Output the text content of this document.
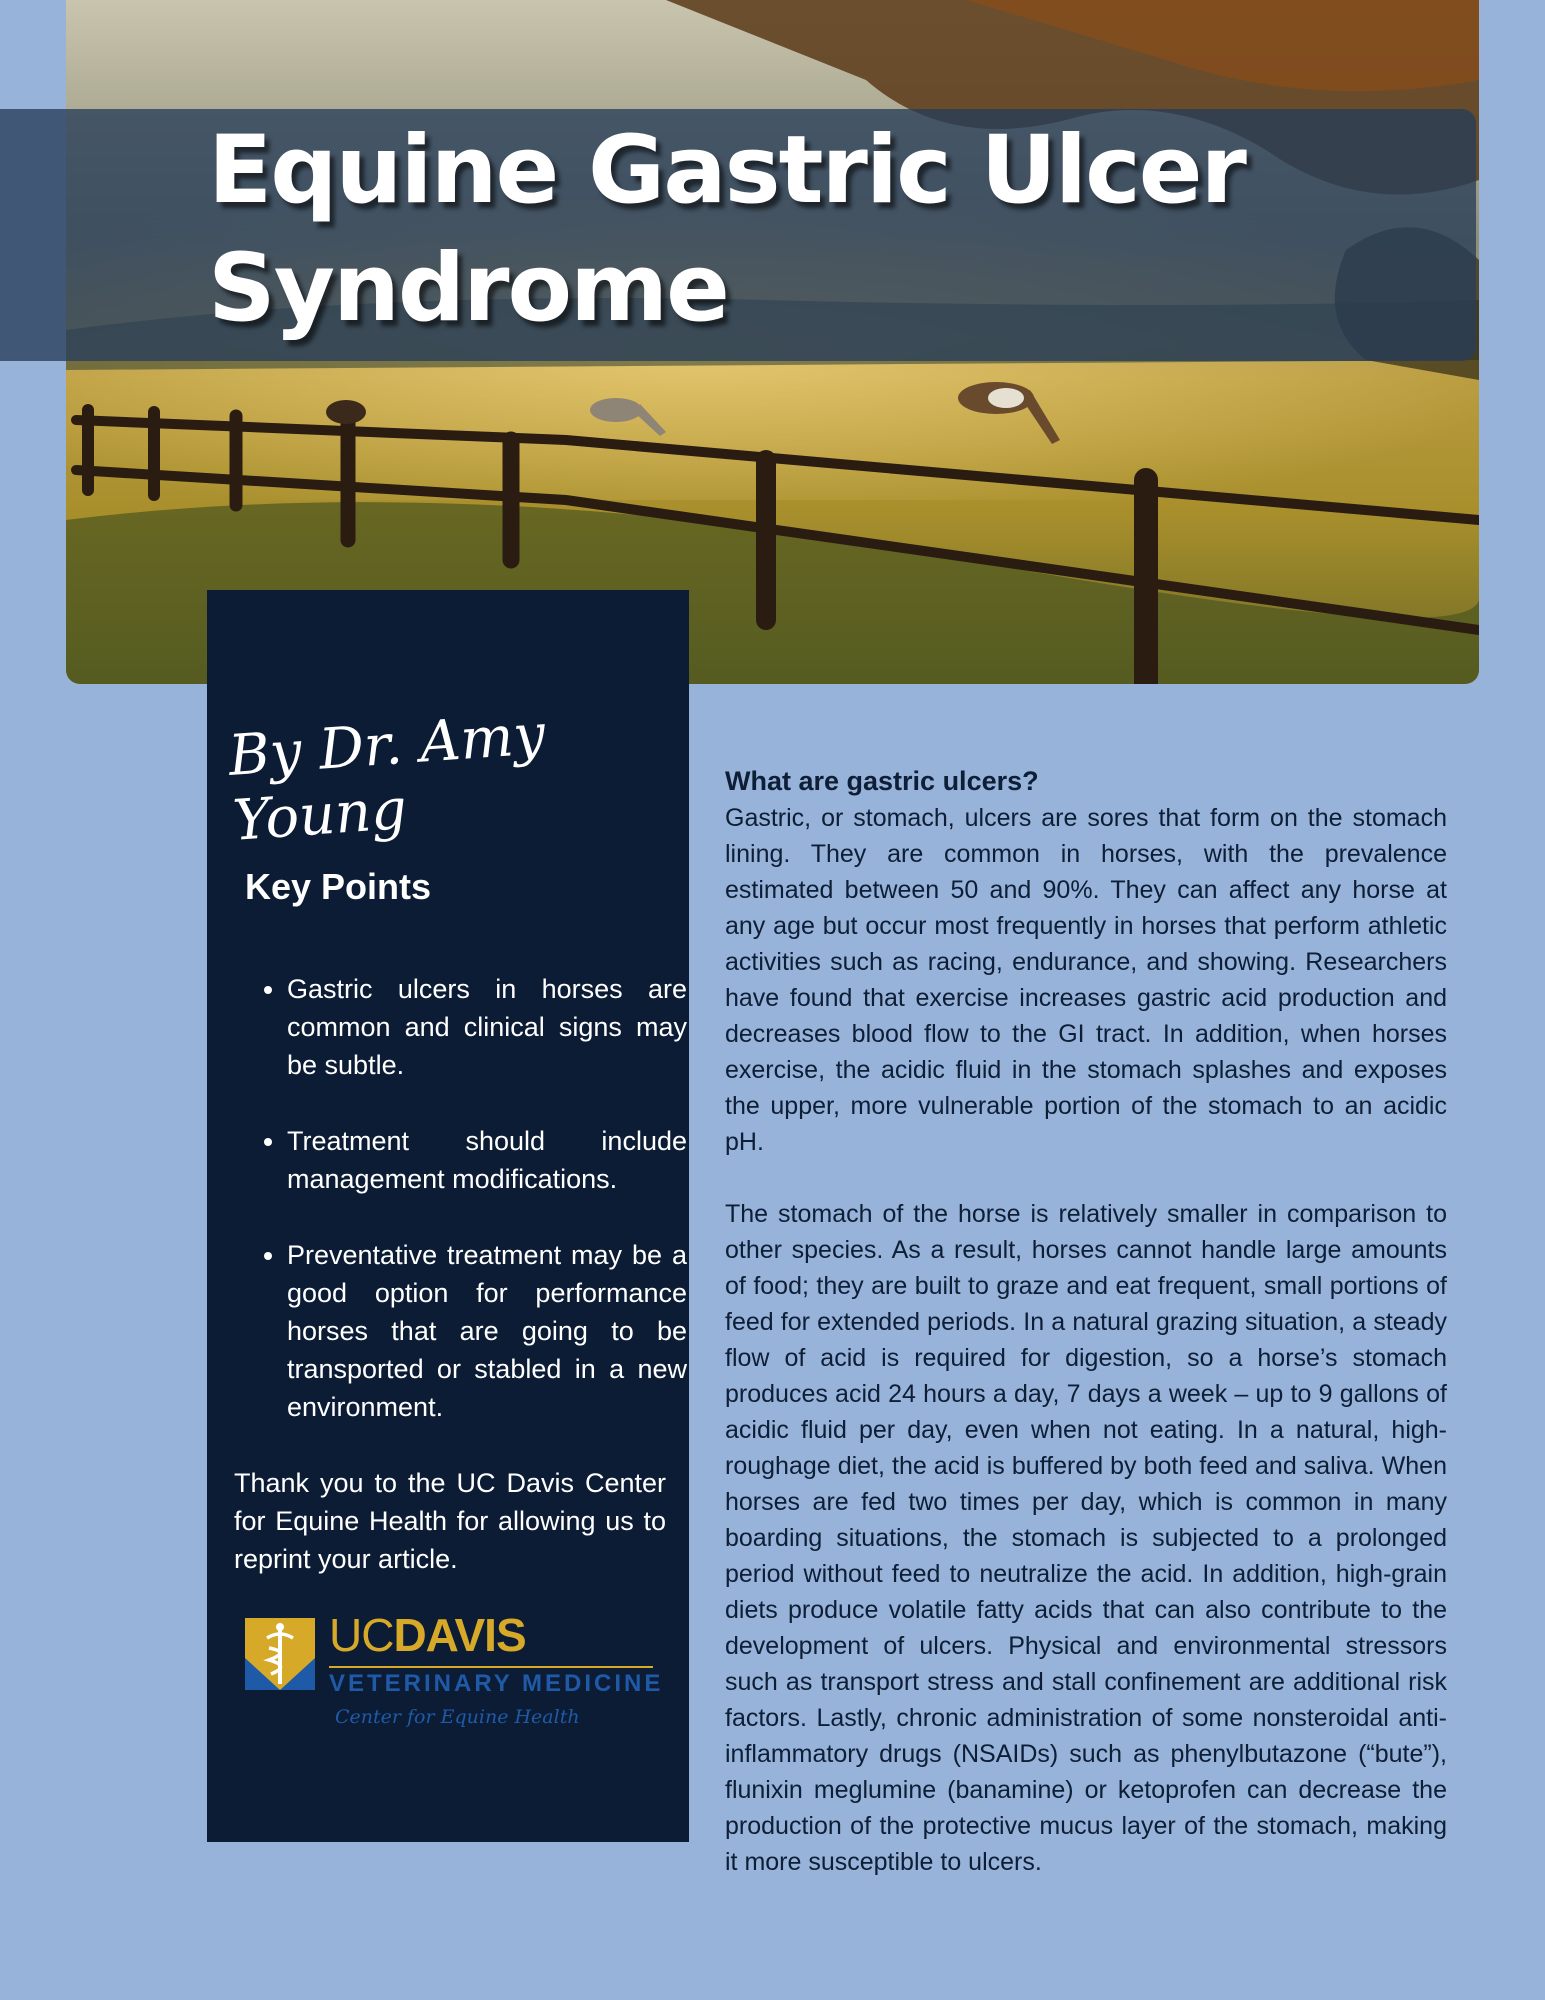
Equine Gastric Ulcer
Syndrome
By Dr. Amy Young
Key Points
• Gastric ulcers in horses are common and clinical signs may be subtle.
• Treatment should include management modifications.
• Preventative treatment may be a good option for performance horses that are going to be transported or stabled in a new environment.

Thank you to the UC Davis Center for Equine Health for allowing us to reprint your article.

UCDAVIS
VETERINARY MEDICINE
Center for Equine Health
What are gastric ulcers?

Gastric, or stomach, ulcers are sores that form on the stomach lining. They are common in horses, with the prevalence estimated between 50 and 90%. They can affect any horse at any age but occur most frequently in horses that perform athletic activities such as racing, endurance, and showing. Researchers have found that exercise increases gastric acid production and decreases blood flow to the GI tract. In addition, when horses exercise, the acidic fluid in the stomach splashes and exposes the upper, more vulnerable portion of the stomach to an acidic pH.

The stomach of the horse is relatively smaller in comparison to other species. As a result, horses cannot handle large amounts of food; they are built to graze and eat frequent, small portions of feed for extended periods. In a natural grazing situation, a steady flow of acid is required for digestion, so a horse’s stomach produces acid 24 hours a day, 7 days a week – up to 9 gallons of acidic fluid per day, even when not eating. In a natural, high-roughage diet, the acid is buffered by both feed and saliva. When horses are fed two times per day, which is common in many boarding situations, the stomach is subjected to a prolonged period without feed to neutralize the acid. In addition, high-grain diets produce volatile fatty acids that can also contribute to the development of ulcers. Physical and environmental stressors such as transport stress and stall confinement are additional risk factors. Lastly, chronic administration of some nonsteroidal anti-inflammatory drugs (NSAIDs) such as phenylbutazone (“bute”), flunixin meglumine (banamine) or ketoprofen can decrease the production of the protective mucus layer of the stomach, making it more susceptible to ulcers.
